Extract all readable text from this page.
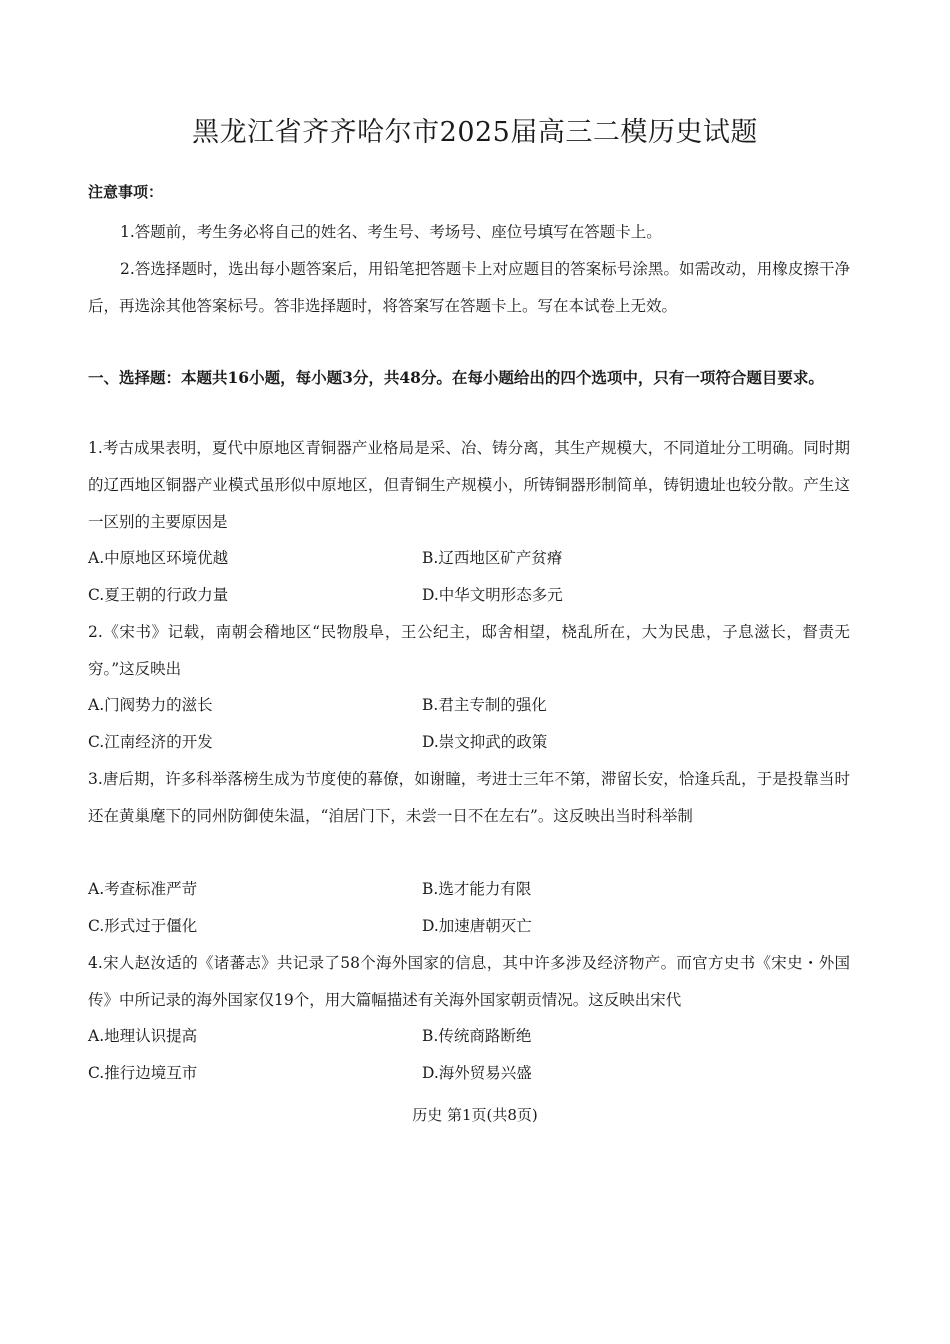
黑龙江省齐齐哈尔市2025届高三二模历史试题
注意事项：
1.答题前，考生务必将自己的姓名、考生号、考场号、座位号填写在答题卡上。
2.答选择题时，选出每小题答案后，用铅笔把答题卡上对应题目的答案标号涂黑。如需改动，用橡皮擦干净后，再选涂其他答案标号。答非选择题时，将答案写在答题卡上。写在本试卷上无效。
一、选择题：本题共16小题，每小题3分，共48分。在每小题给出的四个选项中，只有一项符合题目要求。
1.考古成果表明，夏代中原地区青铜器产业格局是采、冶、铸分离，其生产规模大，不同道址分工明确。同时期的辽西地区铜器产业模式虽形似中原地区，但青铜生产规模小，所铸铜器形制简单，铸钥遗址也较分散。产生这一区别的主要原因是
A.中原地区环境优越	B.辽西地区矿产贫瘠
C.夏王朝的行政力量	D.中华文明形态多元
2.《宋书》记载，南朝会稽地区“民物殷阜，王公纪主，邸舍相望，桡乱所在，大为民患，子息滋长，督责无穷。”这反映出
A.门阀势力的滋长	B.君主专制的强化
C.江南经济的开发	D.崇文抑武的政策
3.唐后期，许多科举落榜生成为节度使的幕僚，如谢瞳，考进士三年不第，滞留长安，恰逢兵乱，于是投靠当时还在黄巢麾下的同州防御使朱温，“洎居门下，未尝一日不在左右”。这反映出当时科举制
A.考查标准严苛	B.选才能力有限
C.形式过于僵化	D.加速唐朝灭亡
4.宋人赵汝适的《诸蕃志》共记录了58个海外国家的信息，其中许多涉及经济物产。而官方史书《宋史・外国传》中所记录的海外国家仅19个，用大篇幅描述有关海外国家朝贡情况。这反映出宋代
A.地理认识提高	B.传统商路断绝
C.推行边境互市	D.海外贸易兴盛
历史 第1页(共8页)
